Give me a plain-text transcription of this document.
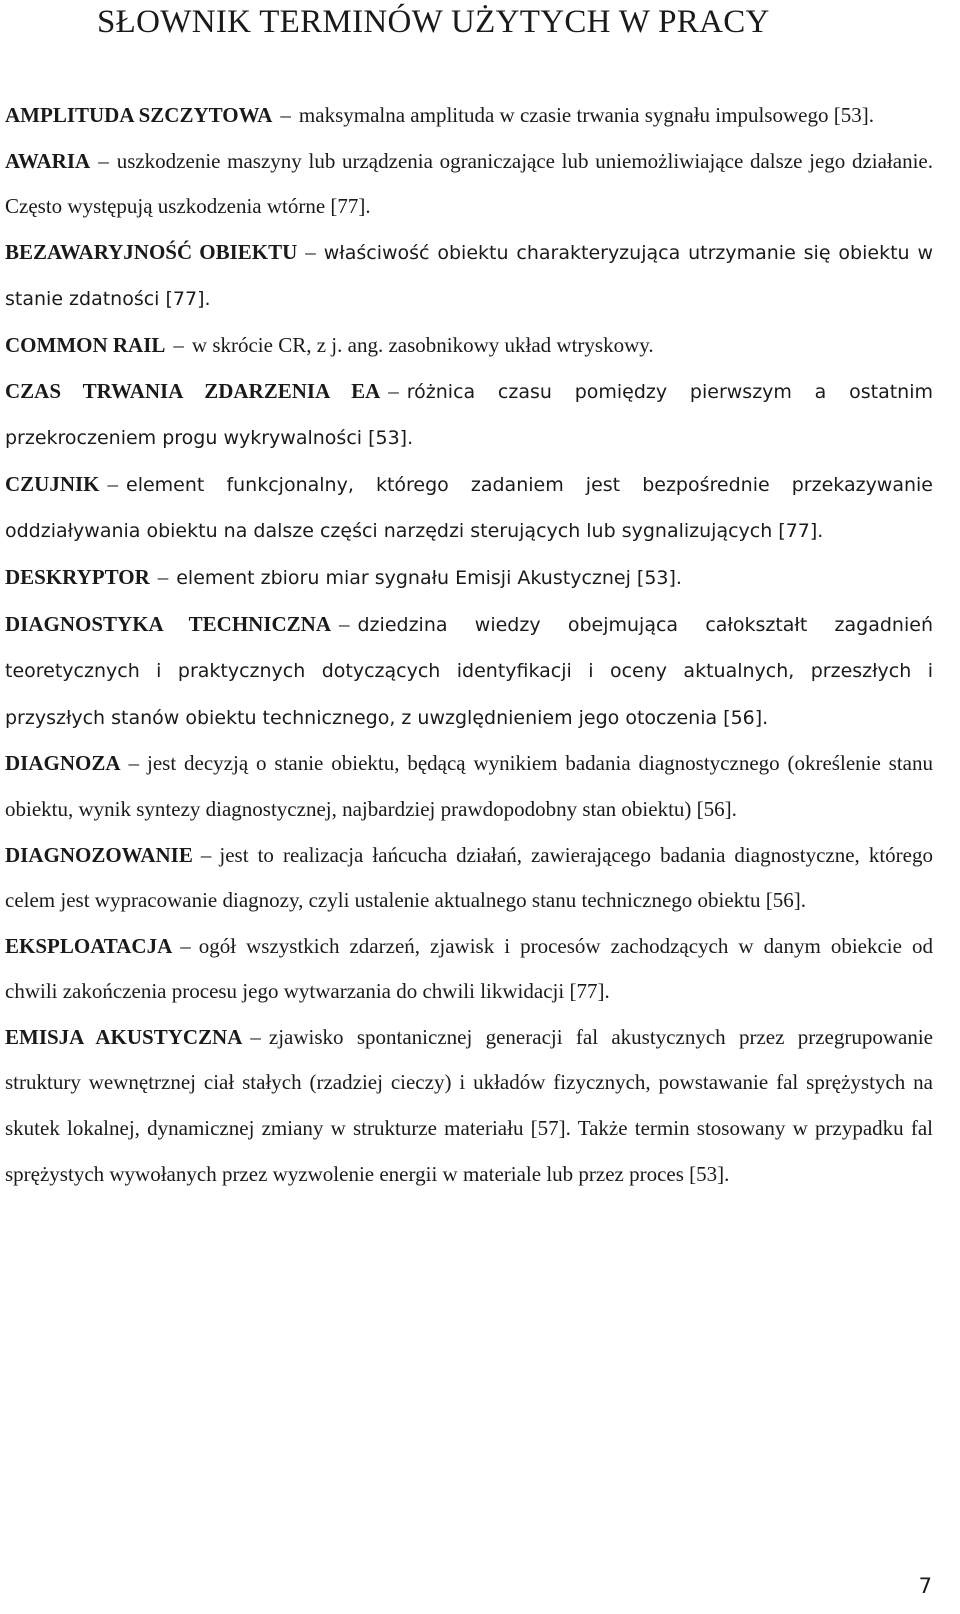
SŁOWNIK TERMINÓW UŻYTYCH W PRACY

AMPLITUDA SZCZYTOWA – maksymalna amplituda w czasie trwania sygnału impulsowego [53].

AWARIA – uszkodzenie maszyny lub urządzenia ograniczające lub uniemożliwiające dalsze jego działanie. Często występują uszkodzenia wtórne [77].

BEZAWARYJNOŚĆ OBIEKTU – właściwość obiektu charakteryzująca utrzymanie się obiektu w stanie zdatności [77].

COMMON RAIL – w skrócie CR, z j. ang. zasobnikowy układ wtryskowy.

CZAS TRWANIA ZDARZENIA EA – różnica czasu pomiędzy pierwszym a ostatnim przekroczeniem progu wykrywalności [53].

CZUJNIK – element funkcjonalny, którego zadaniem jest bezpośrednie przekazywanie oddziaływania obiektu na dalsze części narzędzi sterujących lub sygnalizujących [77].

DESKRYPTOR – element zbioru miar sygnału Emisji Akustycznej [53].

DIAGNOSTYKA TECHNICZNA – dziedzina wiedzy obejmująca całokształt zagadnień teoretycznych i praktycznych dotyczących identyfikacji i oceny aktualnych, przeszłych i przyszłych stanów obiektu technicznego, z uwzględnieniem jego otoczenia [56].

DIAGNOZA – jest decyzją o stanie obiektu, będącą wynikiem badania diagnostycznego (określenie stanu obiektu, wynik syntezy diagnostycznej, najbardziej prawdopodobny stan obiektu) [56].

DIAGNOZOWANIE – jest to realizacja łańcucha działań, zawierającego badania diagnostyczne, którego celem jest wypracowanie diagnozy, czyli ustalenie aktualnego stanu technicznego obiektu [56].

EKSPLOATACJA – ogół wszystkich zdarzeń, zjawisk i procesów zachodzących w danym obiekcie od chwili zakończenia procesu jego wytwarzania do chwili likwidacji [77].

EMISJA AKUSTYCZNA – zjawisko spontanicznej generacji fal akustycznych przez przegrupowanie struktury wewnętrznej ciał stałych (rzadziej cieczy) i układów fizycznych, powstawanie fal sprężystych na skutek lokalnej, dynamicznej zmiany w strukturze materiału [57]. Także termin stosowany w przypadku fal sprężystych wywołanych przez wyzwolenie energii w materiale lub przez proces [53].

7
